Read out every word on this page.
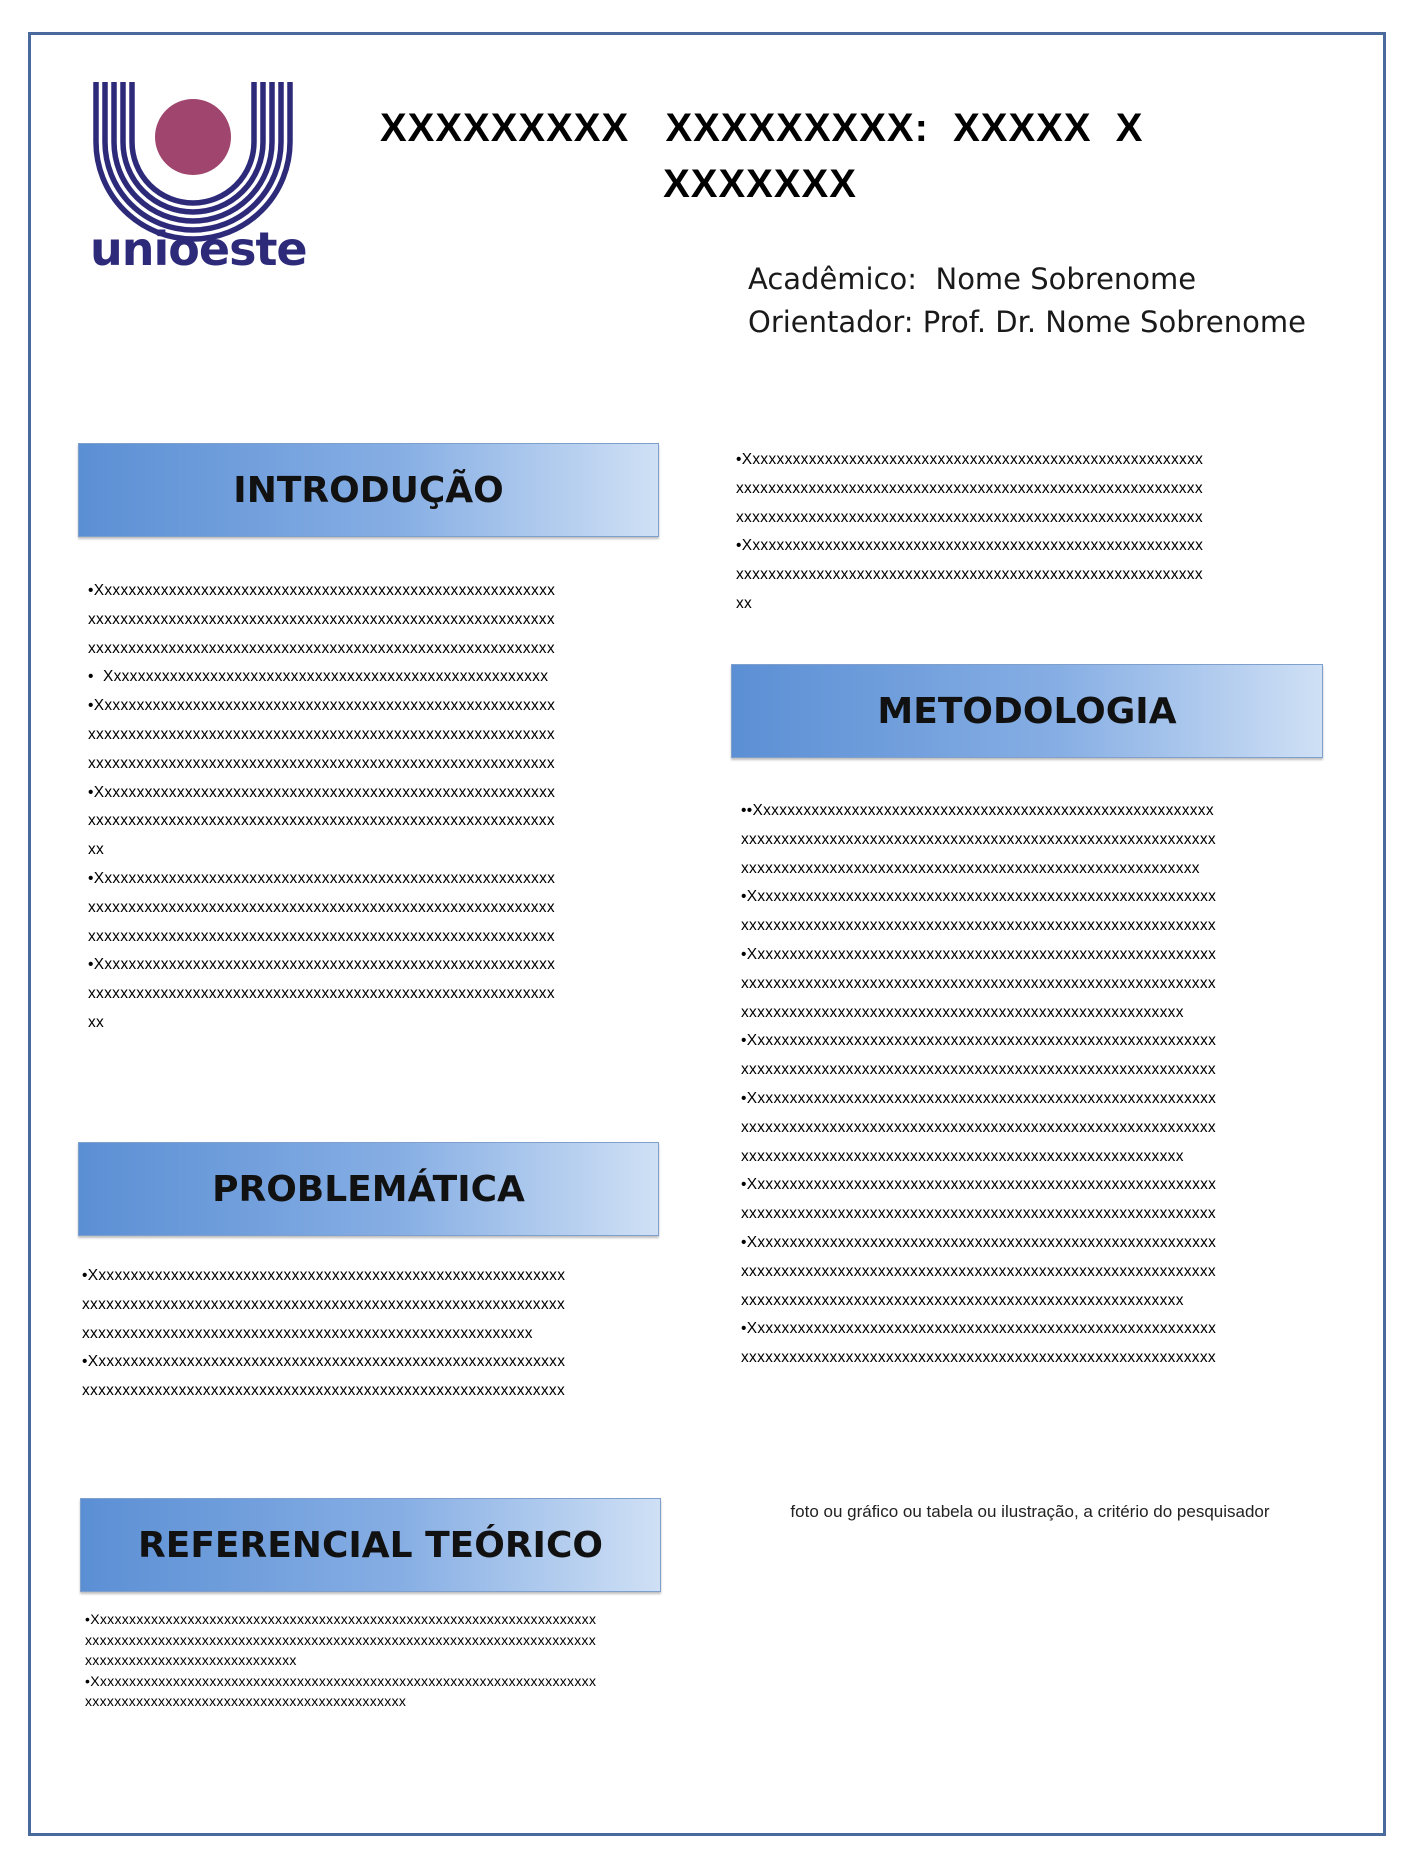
unioeste
XXXXXXXXX   XXXXXXXXX:  XXXXX  X
XXXXXXX
Acadêmico:  Nome Sobrenome
Orientador: Prof. Dr. Nome Sobrenome
INTRODUÇÃO
•Xxxxxxxxxxxxxxxxxxxxxxxxxxxxxxxxxxxxxxxxxxxxxxxxxxxxxxxxx
xxxxxxxxxxxxxxxxxxxxxxxxxxxxxxxxxxxxxxxxxxxxxxxxxxxxxxxxxx
xxxxxxxxxxxxxxxxxxxxxxxxxxxxxxxxxxxxxxxxxxxxxxxxxxxxxxxxxx
•  Xxxxxxxxxxxxxxxxxxxxxxxxxxxxxxxxxxxxxxxxxxxxxxxxxxxxxxx
•Xxxxxxxxxxxxxxxxxxxxxxxxxxxxxxxxxxxxxxxxxxxxxxxxxxxxxxxxx
xxxxxxxxxxxxxxxxxxxxxxxxxxxxxxxxxxxxxxxxxxxxxxxxxxxxxxxxxx
xxxxxxxxxxxxxxxxxxxxxxxxxxxxxxxxxxxxxxxxxxxxxxxxxxxxxxxxxx
•Xxxxxxxxxxxxxxxxxxxxxxxxxxxxxxxxxxxxxxxxxxxxxxxxxxxxxxxxx
xxxxxxxxxxxxxxxxxxxxxxxxxxxxxxxxxxxxxxxxxxxxxxxxxxxxxxxxxx
xx
•Xxxxxxxxxxxxxxxxxxxxxxxxxxxxxxxxxxxxxxxxxxxxxxxxxxxxxxxxx
xxxxxxxxxxxxxxxxxxxxxxxxxxxxxxxxxxxxxxxxxxxxxxxxxxxxxxxxxx
xxxxxxxxxxxxxxxxxxxxxxxxxxxxxxxxxxxxxxxxxxxxxxxxxxxxxxxxxx
•Xxxxxxxxxxxxxxxxxxxxxxxxxxxxxxxxxxxxxxxxxxxxxxxxxxxxxxxxx
xxxxxxxxxxxxxxxxxxxxxxxxxxxxxxxxxxxxxxxxxxxxxxxxxxxxxxxxxx
xx
PROBLEMÁTICA
•Xxxxxxxxxxxxxxxxxxxxxxxxxxxxxxxxxxxxxxxxxxxxxxxxxxxxxxxxxxx
xxxxxxxxxxxxxxxxxxxxxxxxxxxxxxxxxxxxxxxxxxxxxxxxxxxxxxxxxxxx
xxxxxxxxxxxxxxxxxxxxxxxxxxxxxxxxxxxxxxxxxxxxxxxxxxxxxxxx
•Xxxxxxxxxxxxxxxxxxxxxxxxxxxxxxxxxxxxxxxxxxxxxxxxxxxxxxxxxxx
xxxxxxxxxxxxxxxxxxxxxxxxxxxxxxxxxxxxxxxxxxxxxxxxxxxxxxxxxxxx
REFERENCIAL TEÓRICO
•Xxxxxxxxxxxxxxxxxxxxxxxxxxxxxxxxxxxxxxxxxxxxxxxxxxxxxxxxxxxxxxxxxxxxx
xxxxxxxxxxxxxxxxxxxxxxxxxxxxxxxxxxxxxxxxxxxxxxxxxxxxxxxxxxxxxxxxxxxxxx
xxxxxxxxxxxxxxxxxxxxxxxxxxxxx
•Xxxxxxxxxxxxxxxxxxxxxxxxxxxxxxxxxxxxxxxxxxxxxxxxxxxxxxxxxxxxxxxxxxxxx
xxxxxxxxxxxxxxxxxxxxxxxxxxxxxxxxxxxxxxxxxxxx
•Xxxxxxxxxxxxxxxxxxxxxxxxxxxxxxxxxxxxxxxxxxxxxxxxxxxxxxxxx
xxxxxxxxxxxxxxxxxxxxxxxxxxxxxxxxxxxxxxxxxxxxxxxxxxxxxxxxxx
xxxxxxxxxxxxxxxxxxxxxxxxxxxxxxxxxxxxxxxxxxxxxxxxxxxxxxxxxx
•Xxxxxxxxxxxxxxxxxxxxxxxxxxxxxxxxxxxxxxxxxxxxxxxxxxxxxxxxx
xxxxxxxxxxxxxxxxxxxxxxxxxxxxxxxxxxxxxxxxxxxxxxxxxxxxxxxxxx
xx
METODOLOGIA
••Xxxxxxxxxxxxxxxxxxxxxxxxxxxxxxxxxxxxxxxxxxxxxxxxxxxxxxxxx
xxxxxxxxxxxxxxxxxxxxxxxxxxxxxxxxxxxxxxxxxxxxxxxxxxxxxxxxxxx
xxxxxxxxxxxxxxxxxxxxxxxxxxxxxxxxxxxxxxxxxxxxxxxxxxxxxxxxx
•Xxxxxxxxxxxxxxxxxxxxxxxxxxxxxxxxxxxxxxxxxxxxxxxxxxxxxxxxxx
xxxxxxxxxxxxxxxxxxxxxxxxxxxxxxxxxxxxxxxxxxxxxxxxxxxxxxxxxxx
•Xxxxxxxxxxxxxxxxxxxxxxxxxxxxxxxxxxxxxxxxxxxxxxxxxxxxxxxxxx
xxxxxxxxxxxxxxxxxxxxxxxxxxxxxxxxxxxxxxxxxxxxxxxxxxxxxxxxxxx
xxxxxxxxxxxxxxxxxxxxxxxxxxxxxxxxxxxxxxxxxxxxxxxxxxxxxxx
•Xxxxxxxxxxxxxxxxxxxxxxxxxxxxxxxxxxxxxxxxxxxxxxxxxxxxxxxxxx
xxxxxxxxxxxxxxxxxxxxxxxxxxxxxxxxxxxxxxxxxxxxxxxxxxxxxxxxxxx
•Xxxxxxxxxxxxxxxxxxxxxxxxxxxxxxxxxxxxxxxxxxxxxxxxxxxxxxxxxx
xxxxxxxxxxxxxxxxxxxxxxxxxxxxxxxxxxxxxxxxxxxxxxxxxxxxxxxxxxx
xxxxxxxxxxxxxxxxxxxxxxxxxxxxxxxxxxxxxxxxxxxxxxxxxxxxxxx
•Xxxxxxxxxxxxxxxxxxxxxxxxxxxxxxxxxxxxxxxxxxxxxxxxxxxxxxxxxx
xxxxxxxxxxxxxxxxxxxxxxxxxxxxxxxxxxxxxxxxxxxxxxxxxxxxxxxxxxx
•Xxxxxxxxxxxxxxxxxxxxxxxxxxxxxxxxxxxxxxxxxxxxxxxxxxxxxxxxxx
xxxxxxxxxxxxxxxxxxxxxxxxxxxxxxxxxxxxxxxxxxxxxxxxxxxxxxxxxxx
xxxxxxxxxxxxxxxxxxxxxxxxxxxxxxxxxxxxxxxxxxxxxxxxxxxxxxx
•Xxxxxxxxxxxxxxxxxxxxxxxxxxxxxxxxxxxxxxxxxxxxxxxxxxxxxxxxxx
xxxxxxxxxxxxxxxxxxxxxxxxxxxxxxxxxxxxxxxxxxxxxxxxxxxxxxxxxxx
foto ou gráfico ou tabela ou ilustração, a critério do pesquisador
